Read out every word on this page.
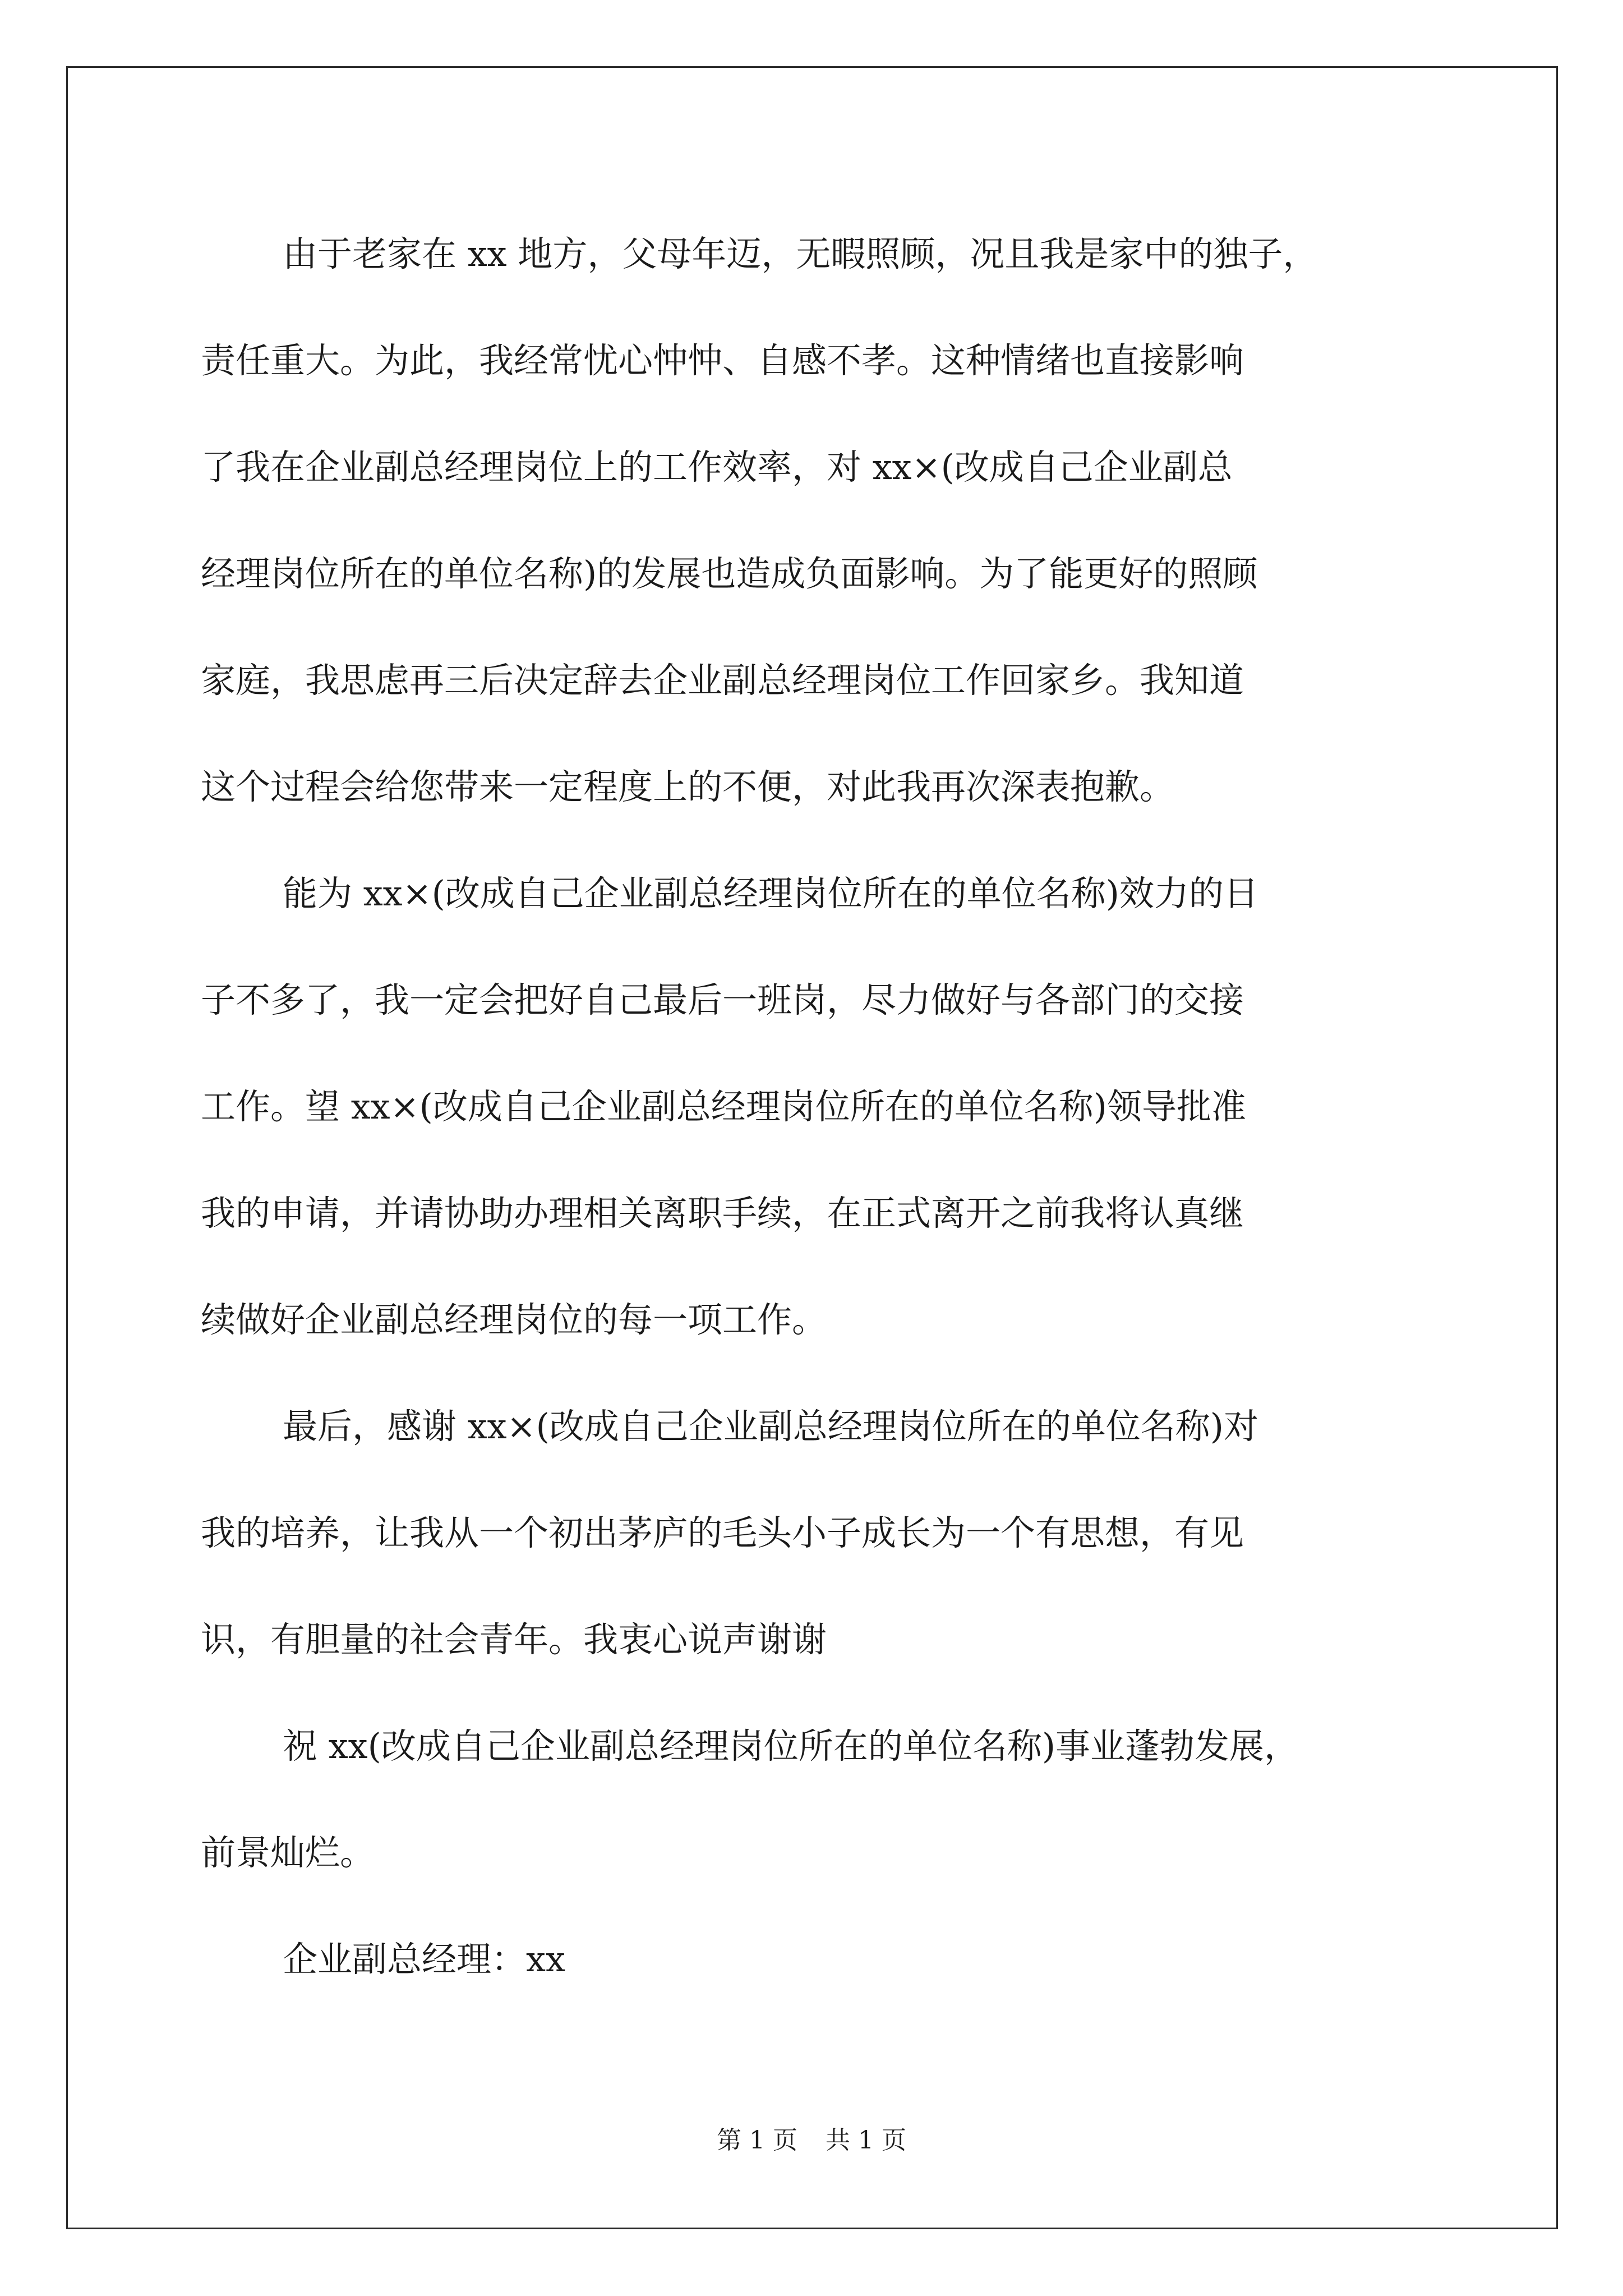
由于老家在 xx 地方，父母年迈，无暇照顾，况且我是家中的独子，
责任重大。为此，我经常忧心忡忡、自感不孝。这种情绪也直接影响
了我在企业副总经理岗位上的工作效率，对 xx×(改成自己企业副总
经理岗位所在的单位名称)的发展也造成负面影响。为了能更好的照顾
家庭，我思虑再三后决定辞去企业副总经理岗位工作回家乡。我知道
这个过程会给您带来一定程度上的不便，对此我再次深表抱歉。
能为 xx×(改成自己企业副总经理岗位所在的单位名称)效力的日
子不多了，我一定会把好自己最后一班岗，尽力做好与各部门的交接
工作。望 xx×(改成自己企业副总经理岗位所在的单位名称)领导批准
我的申请，并请协助办理相关离职手续，在正式离开之前我将认真继
续做好企业副总经理岗位的每一项工作。
最后，感谢 xx×(改成自己企业副总经理岗位所在的单位名称)对
我的培养，让我从一个初出茅庐的毛头小子成长为一个有思想，有见
识，有胆量的社会青年。我衷心说声谢谢
祝 xx(改成自己企业副总经理岗位所在的单位名称)事业蓬勃发展，
前景灿烂。
企业副总经理：xx
第 1 页 共 1 页
